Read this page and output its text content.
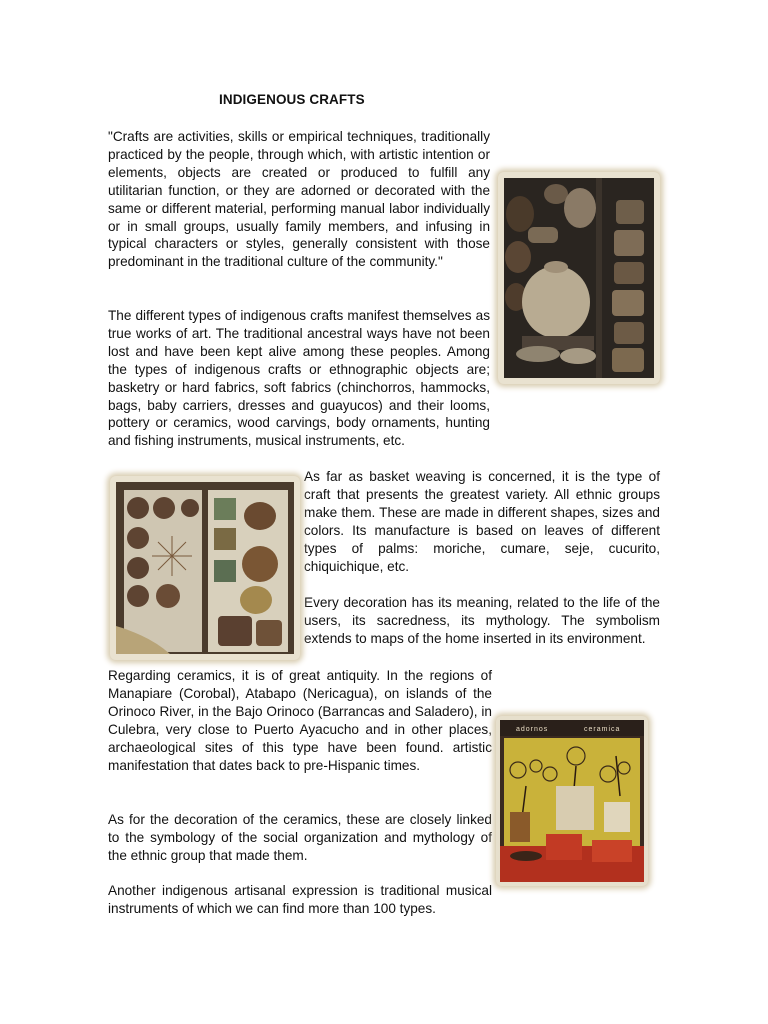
INDIGENOUS CRAFTS

"Crafts are activities, skills or empirical techniques, traditionally practiced by the people, through which, with artistic intention or elements, objects are created or produced to fulfill any utilitarian function, or they are adorned or decorated with the same or different material, performing manual labor individually or in small groups, usually family members, and infusing in typical characters or styles, generally consistent with those predominant in the traditional culture of the community."

The different types of indigenous crafts manifest themselves as true works of art. The traditional ancestral ways have not been lost and have been kept alive among these peoples. Among the types of indigenous crafts or ethnographic objects are; basketry or hard fabrics, soft fabrics (chinchorros, hammocks, bags, baby carriers, dresses and guayucos) and their looms, pottery or ceramics, wood carvings, body ornaments, hunting and fishing instruments, musical instruments, etc.

As far as basket weaving is concerned, it is the type of craft that presents the greatest variety. All ethnic groups make them. These are made in different shapes, sizes and colors. Its manufacture is based on leaves of different types of palms: moriche, cumare, seje, cucurito, chiquichique, etc.

Every decoration has its meaning, related to the life of the users, its sacredness, its mythology. The symbolism extends to maps of the home inserted in its environment.

Regarding ceramics, it is of great antiquity. In the regions of Manapiare (Corobal), Atabapo (Nericagua), on islands of the Orinoco River, in the Bajo Orinoco (Barrancas and Saladero), in Culebra, very close to Puerto Ayacucho and in other places, archaeological sites of this type have been found. artistic manifestation that dates back to pre-Hispanic times.

As for the decoration of the ceramics, these are closely linked to the symbology of the social organization and mythology of the ethnic group that made them.

Another indigenous artisanal expression is traditional musical instruments of which we can find more than 100 types.

adornos	ceramica
